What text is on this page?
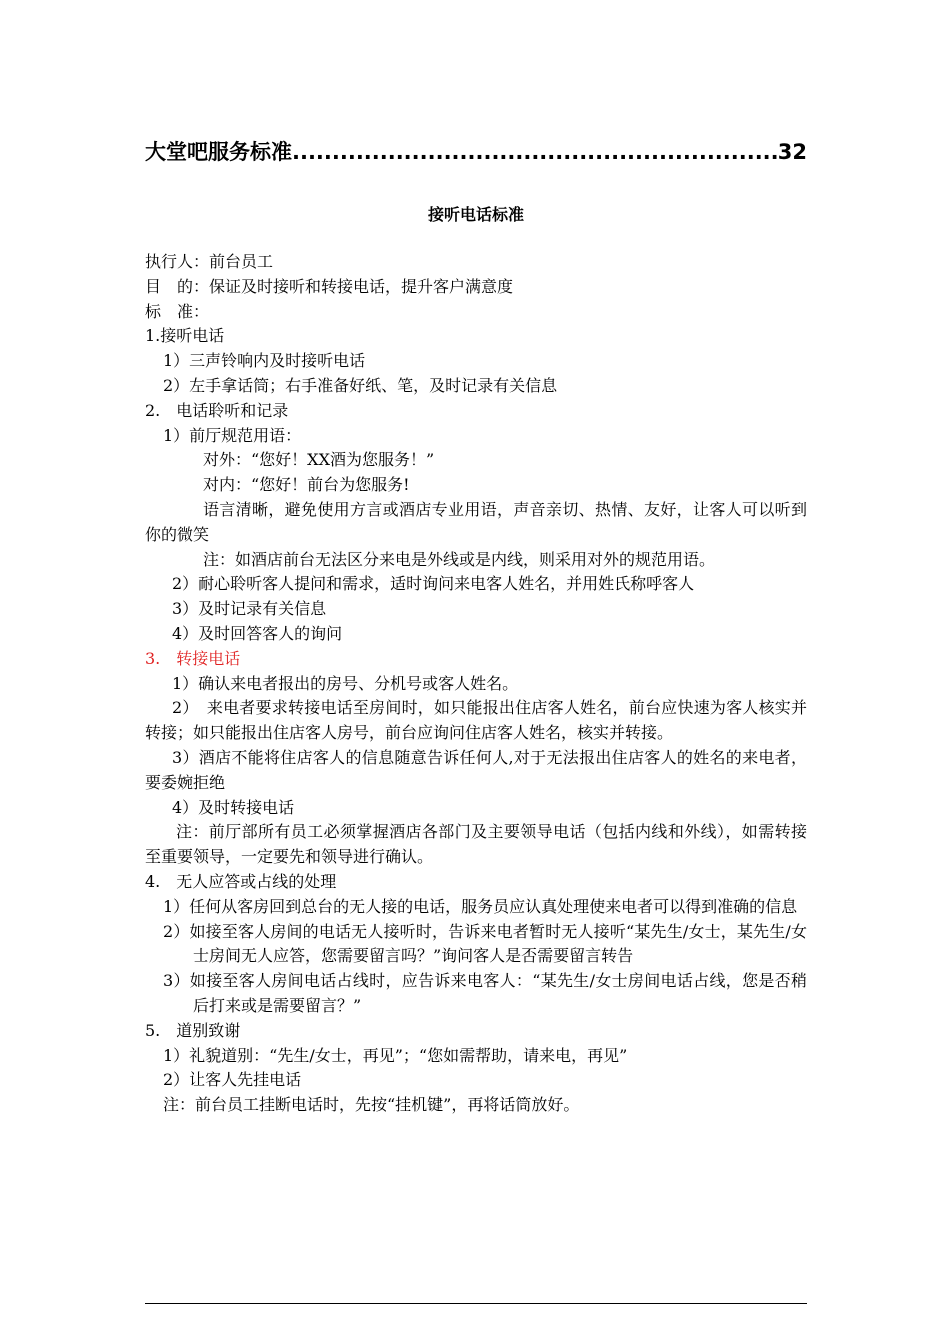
大堂吧服务标准
.....	32
接听电话标准
执行人：前台员工
目　的：保证及时接听和转接电话，提升客户满意度
标　准：
1.接听电话
1）三声铃响内及时接听电话
2）左手拿话筒；右手准备好纸、笔，及时记录有关信息
2.　电话聆听和记录
1）前厅规范用语：
对外：“您好！XX酒为您服务！”
对内：“您好！前台为您服务!
语言清晰，避免使用方言或酒店专业用语，声音亲切、热情、友好，让客人可以听到你的微笑
注：如酒店前台无法区分来电是外线或是内线，则采用对外的规范用语。
2）耐心聆听客人提问和需求，适时询问来电客人姓名，并用姓氏称呼客人
3）及时记录有关信息
4）及时回答客人的询问
3.　转接电话
1）确认来电者报出的房号、分机号或客人姓名。
2）　来电者要求转接电话至房间时，如只能报出住店客人姓名，前台应快速为客人核实并转接；如只能报出住店客人房号，前台应询问住店客人姓名，核实并转接。
3）酒店不能将住店客人的信息随意告诉任何人,对于无法报出住店客人的姓名的来电者，要委婉拒绝
4）及时转接电话
注：前厅部所有员工必须掌握酒店各部门及主要领导电话（包括内线和外线），如需转接至重要领导，一定要先和领导进行确认。
4.　无人应答或占线的处理
1）任何从客房回到总台的无人接的电话，服务员应认真处理使来电者可以得到准确的信息
2）如接至客人房间的电话无人接听时，告诉来电者暂时无人接听“某先生/女士，某先生/女士房间无人应答，您需要留言吗？”询问客人是否需要留言转告
3）如接至客人房间电话占线时，应告诉来电客人：“某先生/女士房间电话占线，您是否稍后打来或是需要留言？”
5.　道别致谢
1）礼貌道别：“先生/女士，再见”；“您如需帮助，请来电，再见”
2）让客人先挂电话
注：前台员工挂断电话时，先按“挂机键”，再将话筒放好。
